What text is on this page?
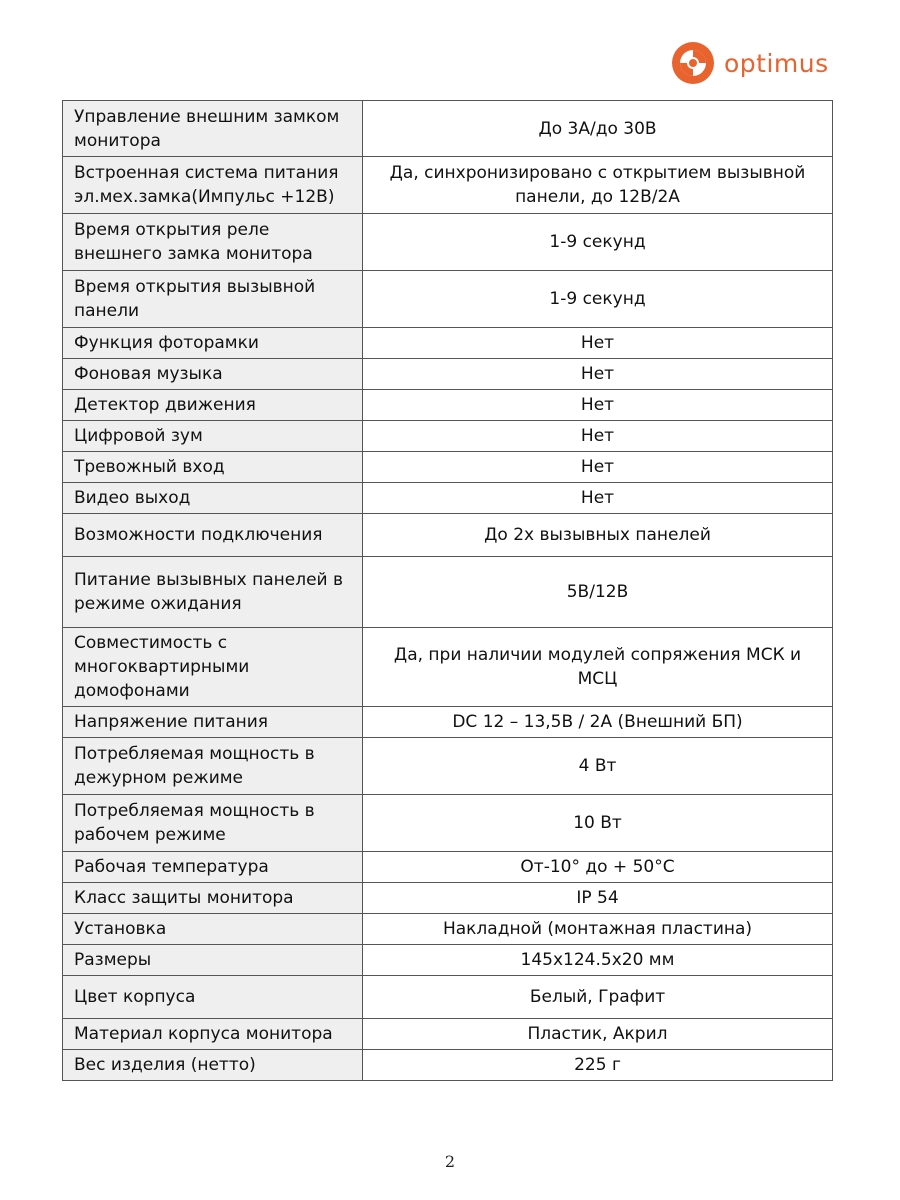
optimus
Управление внешним замком монитора	До 3А/до 30В
Встроенная система питания эл.мех.замка(Импульс +12В)	Да, синхронизировано с открытием вызывной панели, до 12В/2А
Время открытия реле внешнего замка монитора	1-9 секунд
Время открытия вызывной панели	1-9 секунд
Функция фоторамки	Нет
Фоновая музыка	Нет
Детектор движения	Нет
Цифровой зум	Нет
Тревожный вход	Нет
Видео выход	Нет
Возможности подключения	До 2х вызывных панелей
Питание вызывных панелей в режиме ожидания	5В/12В
Совместимость с многоквартирными домофонами	Да, при наличии модулей сопряжения МСК и МСЦ
Напряжение питания	DC 12 – 13,5В / 2A (Внешний БП)
Потребляемая мощность в дежурном режиме	4 Вт
Потребляемая мощность в рабочем режиме	10 Вт
Рабочая температура	От-10° до + 50°С
Класс защиты монитора	IP 54
Установка	Накладной (монтажная пластина)
Размеры	145x124.5x20 мм
Цвет корпуса	Белый, Графит
Материал корпуса монитора	Пластик, Акрил
Вес изделия (нетто)	225 г
2
